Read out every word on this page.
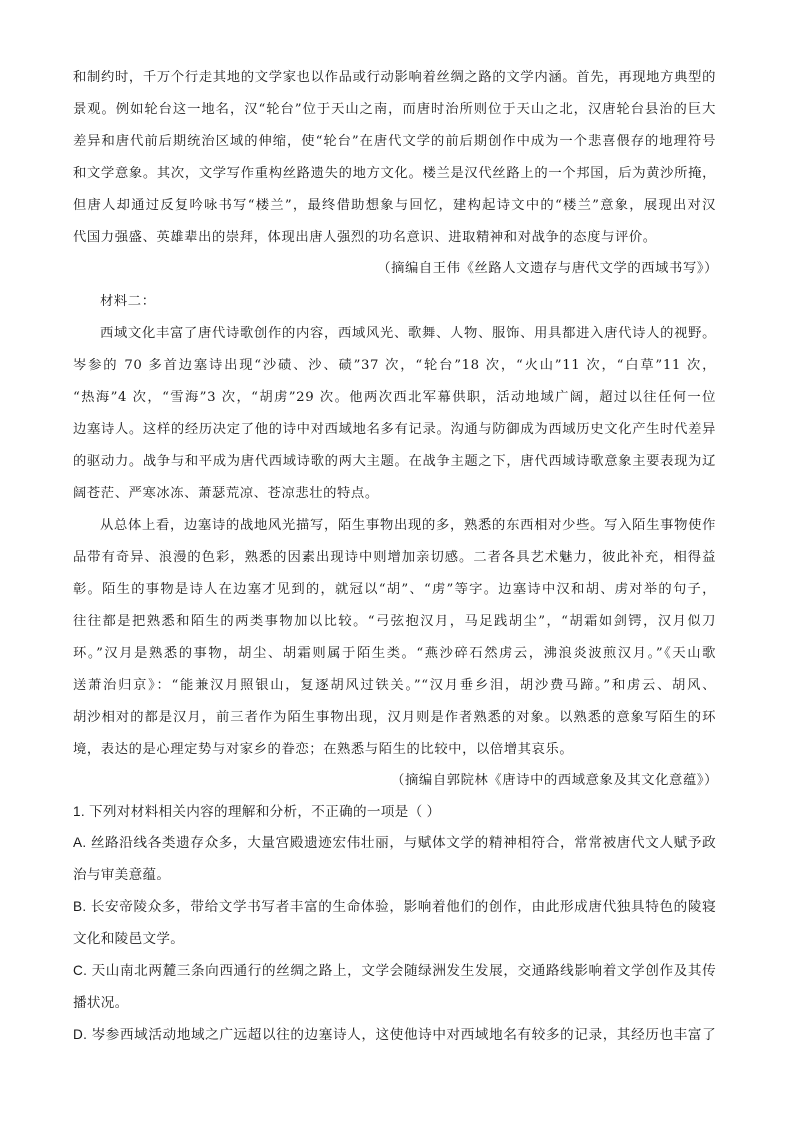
和制约时，千万个行走其地的文学家也以作品或行动影响着丝绸之路的文学内涵。首先，再现地方典型的
景观。例如轮台这一地名，汉“轮台”位于天山之南，而唐时治所则位于天山之北，汉唐轮台县治的巨大
差异和唐代前后期统治区域的伸缩，使“轮台”在唐代文学的前后期创作中成为一个悲喜偎存的地理符号
和文学意象。其次，文学写作重构丝路遗失的地方文化。楼兰是汉代丝路上的一个邦国，后为黄沙所掩，
但唐人却通过反复吟咏书写“楼兰”，最终借助想象与回忆，建构起诗文中的“楼兰”意象，展现出对汉
代国力强盛、英雄辈出的崇拜，体现出唐人强烈的功名意识、进取精神和对战争的态度与评价。
（摘编自王伟《丝路人文遗存与唐代文学的西域书写》）
材料二：
西域文化丰富了唐代诗歌创作的内容，西域风光、歌舞、人物、服饰、用具都进入唐代诗人的视野。
岑参的 70 多首边塞诗出现“沙碛、沙、碛”37 次，“轮台”18 次，“火山”11 次，“白草”11 次，
“热海”4 次，“雪海”3 次，“胡虏”29 次。他两次西北军幕供职，活动地域广阔，超过以往任何一位
边塞诗人。这样的经历决定了他的诗中对西域地名多有记录。沟通与防御成为西域历史文化产生时代差异
的驱动力。战争与和平成为唐代西域诗歌的两大主题。在战争主题之下，唐代西域诗歌意象主要表现为辽
阔苍茫、严寒冰冻、萧瑟荒凉、苍凉悲壮的特点。
从总体上看，边塞诗的战地风光描写，陌生事物出现的多，熟悉的东西相对少些。写入陌生事物使作
品带有奇异、浪漫的色彩，熟悉的因素出现诗中则增加亲切感。二者各具艺术魅力，彼此补充，相得益
彰。陌生的事物是诗人在边塞才见到的，就冠以“胡”、“虏”等字。边塞诗中汉和胡、虏对举的句子，
往往都是把熟悉和陌生的两类事物加以比较。“弓弦抱汉月，马足践胡尘”，“胡霜如剑锷，汉月似刀
环。”汉月是熟悉的事物，胡尘、胡霜则属于陌生类。“燕沙碎石然虏云，沸浪炎波煎汉月。”《天山歌
送萧治归京》：“能兼汉月照银山，复逐胡风过铁关。”“汉月垂乡泪，胡沙费马蹄。”和虏云、胡风、
胡沙相对的都是汉月，前三者作为陌生事物出现，汉月则是作者熟悉的对象。以熟悉的意象写陌生的环
境，表达的是心理定势与对家乡的眷恋；在熟悉与陌生的比较中，以倍增其哀乐。
（摘编自郭院林《唐诗中的西域意象及其文化意蕴》）
1. 下列对材料相关内容的理解和分析，不正确的一项是（ ）
A. 丝路沿线各类遗存众多，大量宫殿遗迹宏伟壮丽，与赋体文学的精神相符合，常常被唐代文人赋予政
治与审美意蕴。
B. 长安帝陵众多，带给文学书写者丰富的生命体验，影响着他们的创作，由此形成唐代独具特色的陵寝
文化和陵邑文学。
C. 天山南北两麓三条向西通行的丝绸之路上，文学会随绿洲发生发展，交通路线影响着文学创作及其传
播状况。
D. 岑参西域活动地域之广远超以往的边塞诗人，这使他诗中对西域地名有较多的记录，其经历也丰富了
